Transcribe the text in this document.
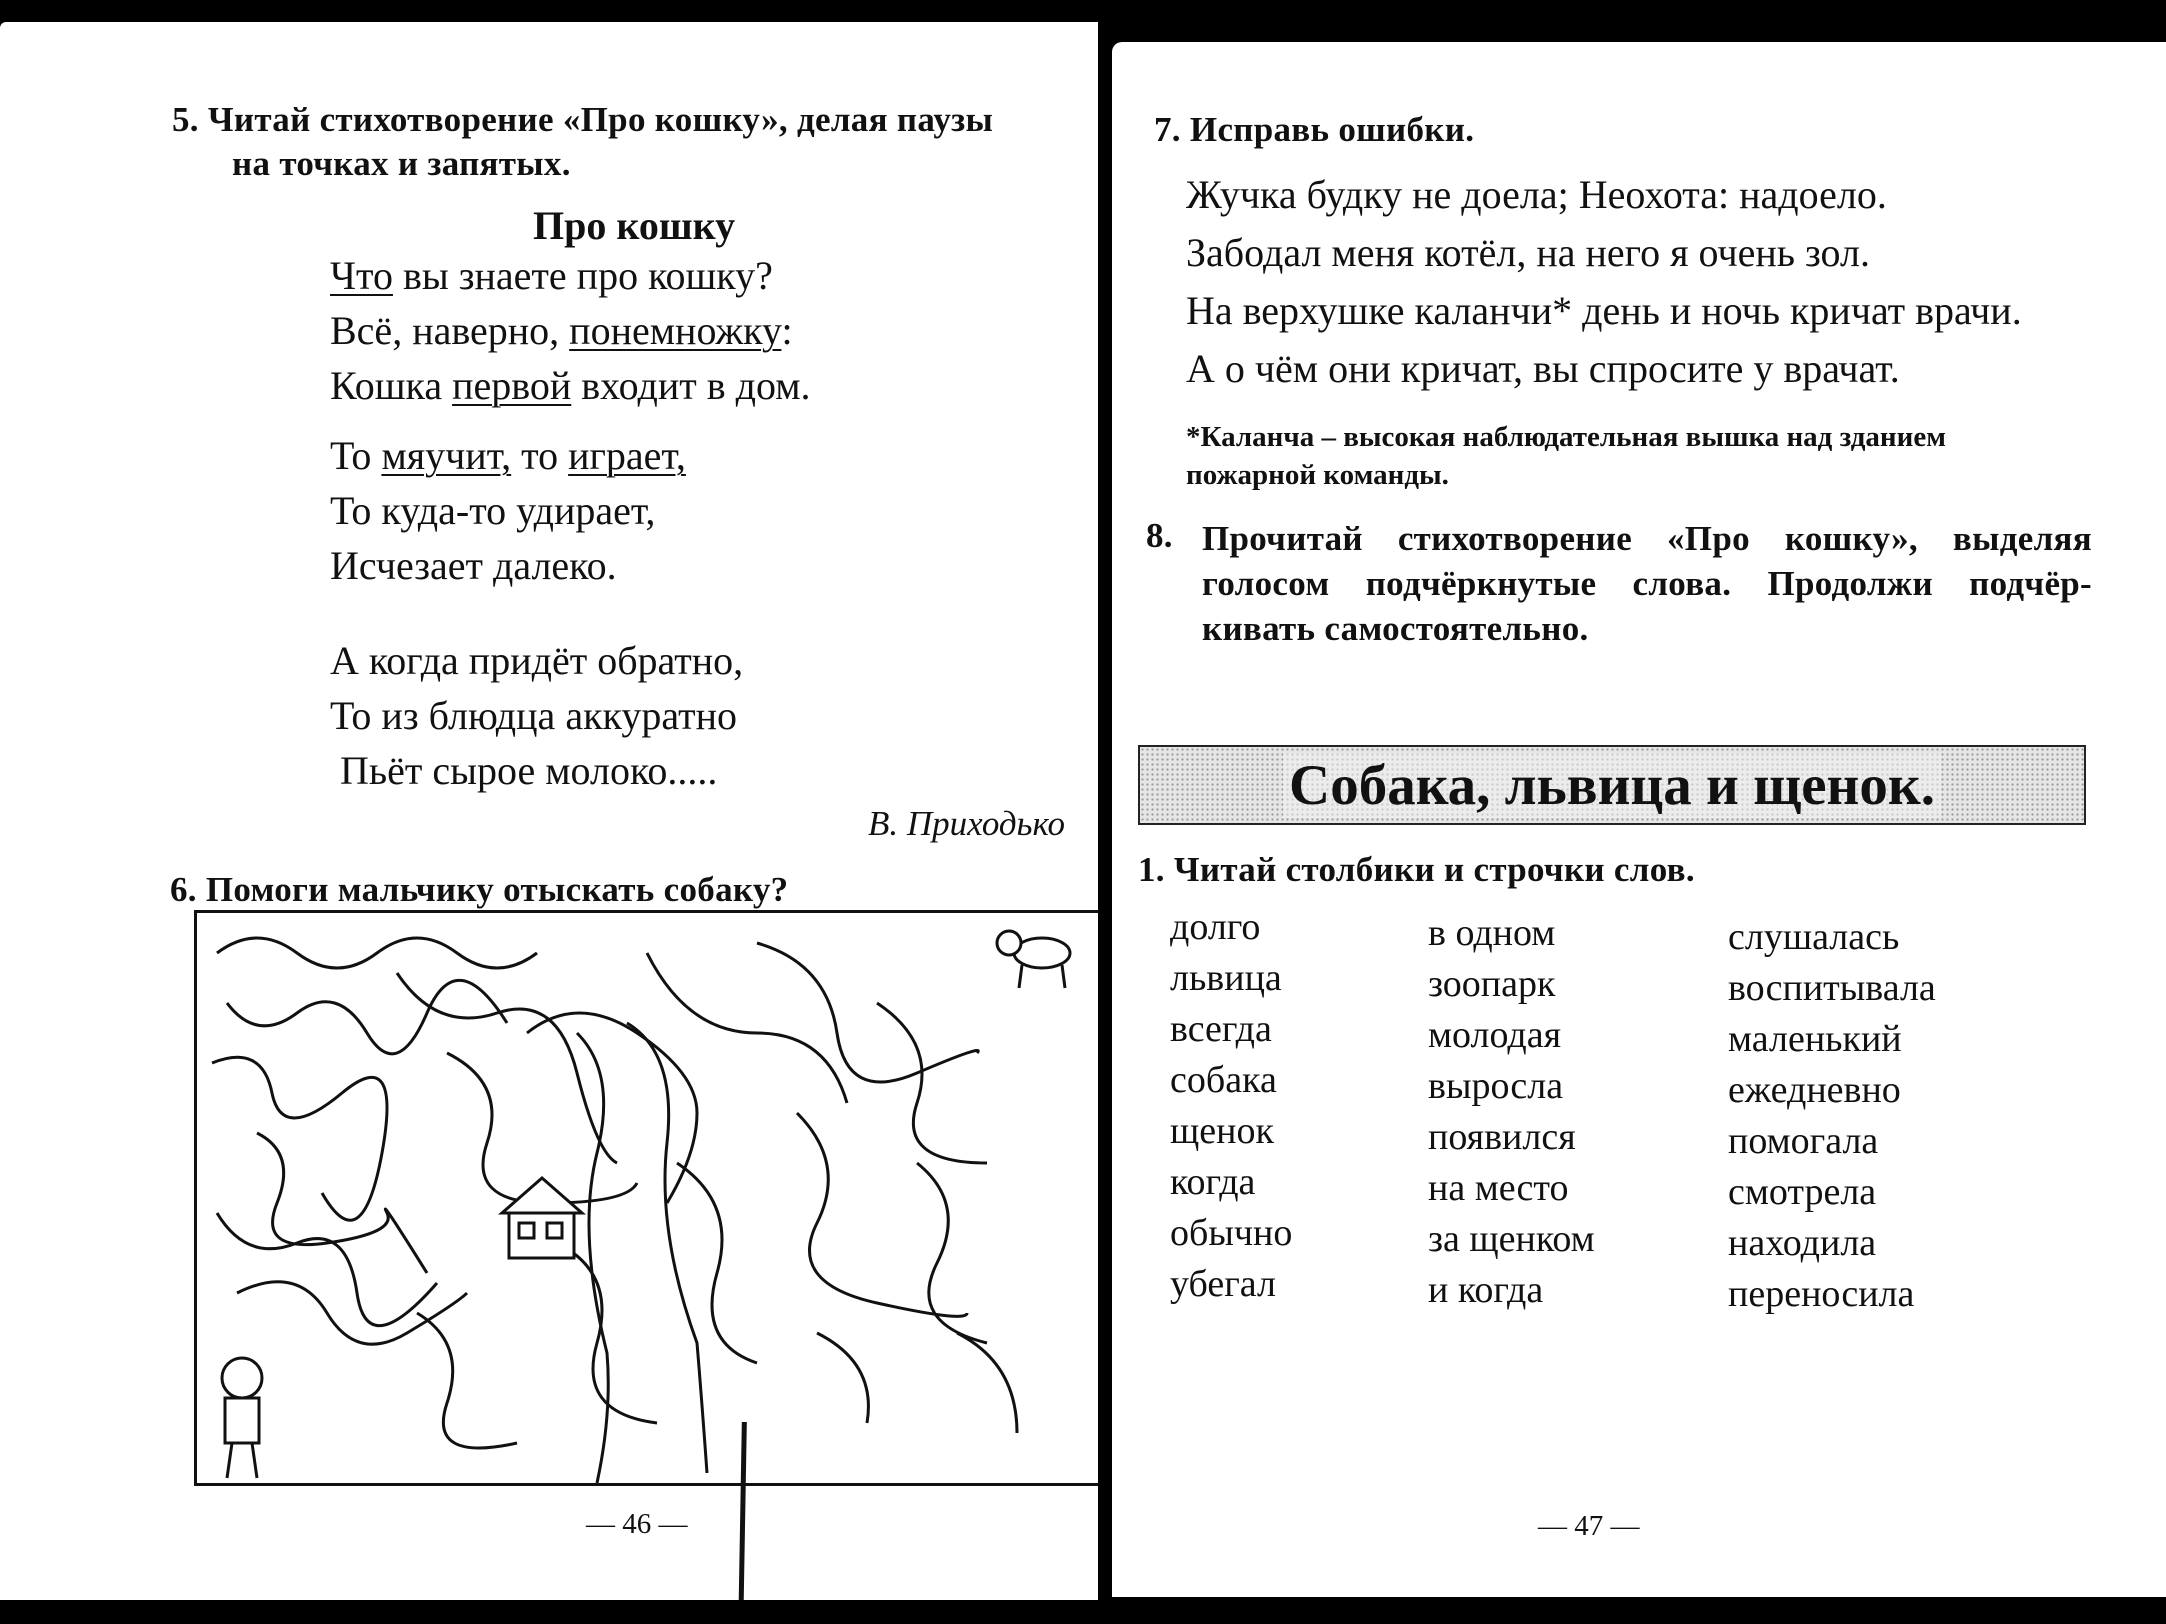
5. Читай стихотворение «Про кошку», делая паузы
на точках и запятых.
Про кошку
Что вы знаете про кошку?
Всё, наверно, понемножку:
Кошка первой входит в дом.
То мяучит, то играет,
То куда-то удирает,
Исчезает далеко.
А когда придёт обратно,
То из блюдца аккуратно
Пьёт сырое молоко.....
В. Приходько
6. Помоги мальчику отыскать собаку?
— 46 —
7. Исправь ошибки.
Жучка будку не доела; Неохота: надоело.
Забодал меня котёл, на него я очень зол.
На верхушке каланчи* день и ночь кричат врачи.
А о чём они кричат, вы спросите у врачат.
*Каланча – высокая наблюдательная вышка над зданием
пожарной команды.
8. Прочитай стихотворение «Про кошку», выделяя
голосом подчёркнутые слова. Продолжи подчёр-
кивать самостоятельно.
Собака, львица и щенок.
1. Читай столбики и строчки слов.
долго
львица
всегда
собака
щенок
когда
обычно
убегал
в одном
зоопарк
молодая
выросла
появился
на место
за щенком
и когда
слушалась
воспитывала
маленький
ежедневно
помогала
смотрела
находила
переносила
— 47 —
